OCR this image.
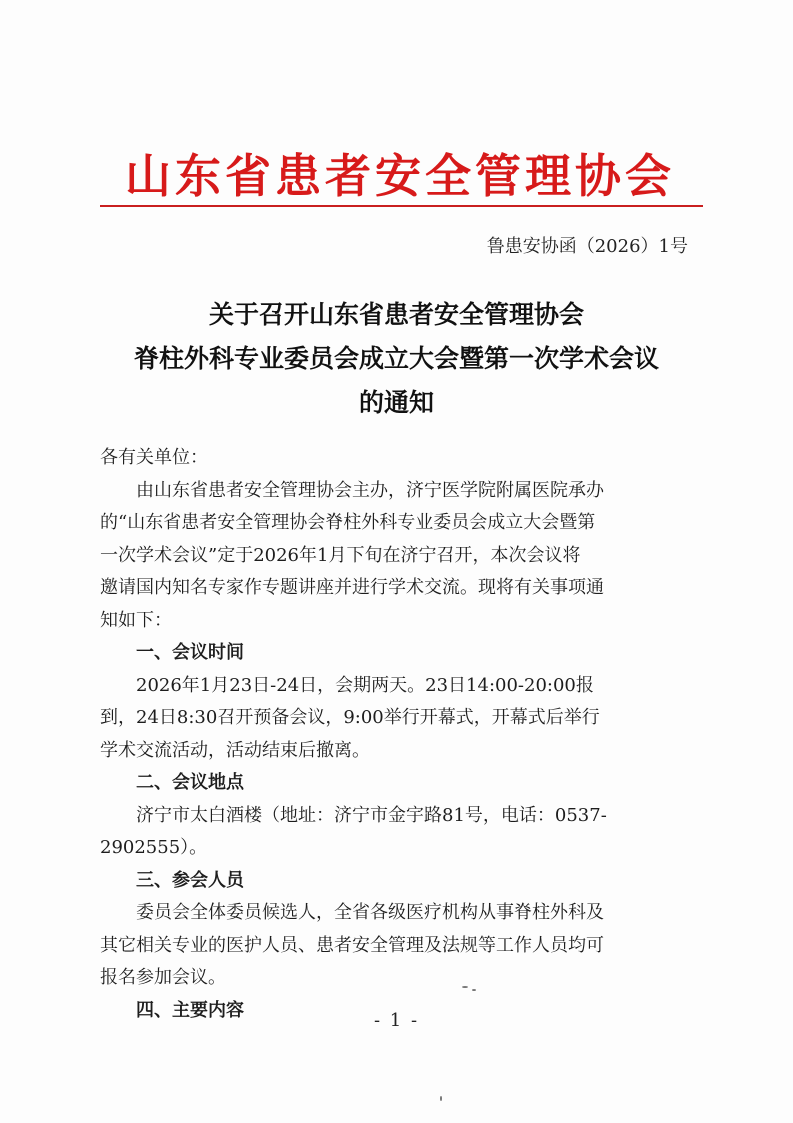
山东省患者安全管理协会
鲁患安协函（2026）1号
关于召开山东省患者安全管理协会
脊柱外科专业委员会成立大会暨第一次学术会议
的通知

各有关单位：

由山东省患者安全管理协会主办，济宁医学院附属医院承办

的“山东省患者安全管理协会脊柱外科专业委员会成立大会暨第

一次学术会议”定于2026年1月下旬在济宁召开，本次会议将

邀请国内知名专家作专题讲座并进行学术交流。现将有关事项通

知如下：

一、会议时间

2026年1月23日-24日，会期两天。23日14:00-20:00报

到，24日8:30召开预备会议，9:00举行开幕式，开幕式后举行

学术交流活动，活动结束后撤离。

二、会议地点

济宁市太白酒楼（地址：济宁市金宇路81号，电话：0537-

2902555）。

三、参会人员

委员会全体委员候选人，全省各级医疗机构从事脊柱外科及

其它相关专业的医护人员、患者安全管理及法规等工作人员均可

报名参加会议。

四、主要内容	- 1 -
